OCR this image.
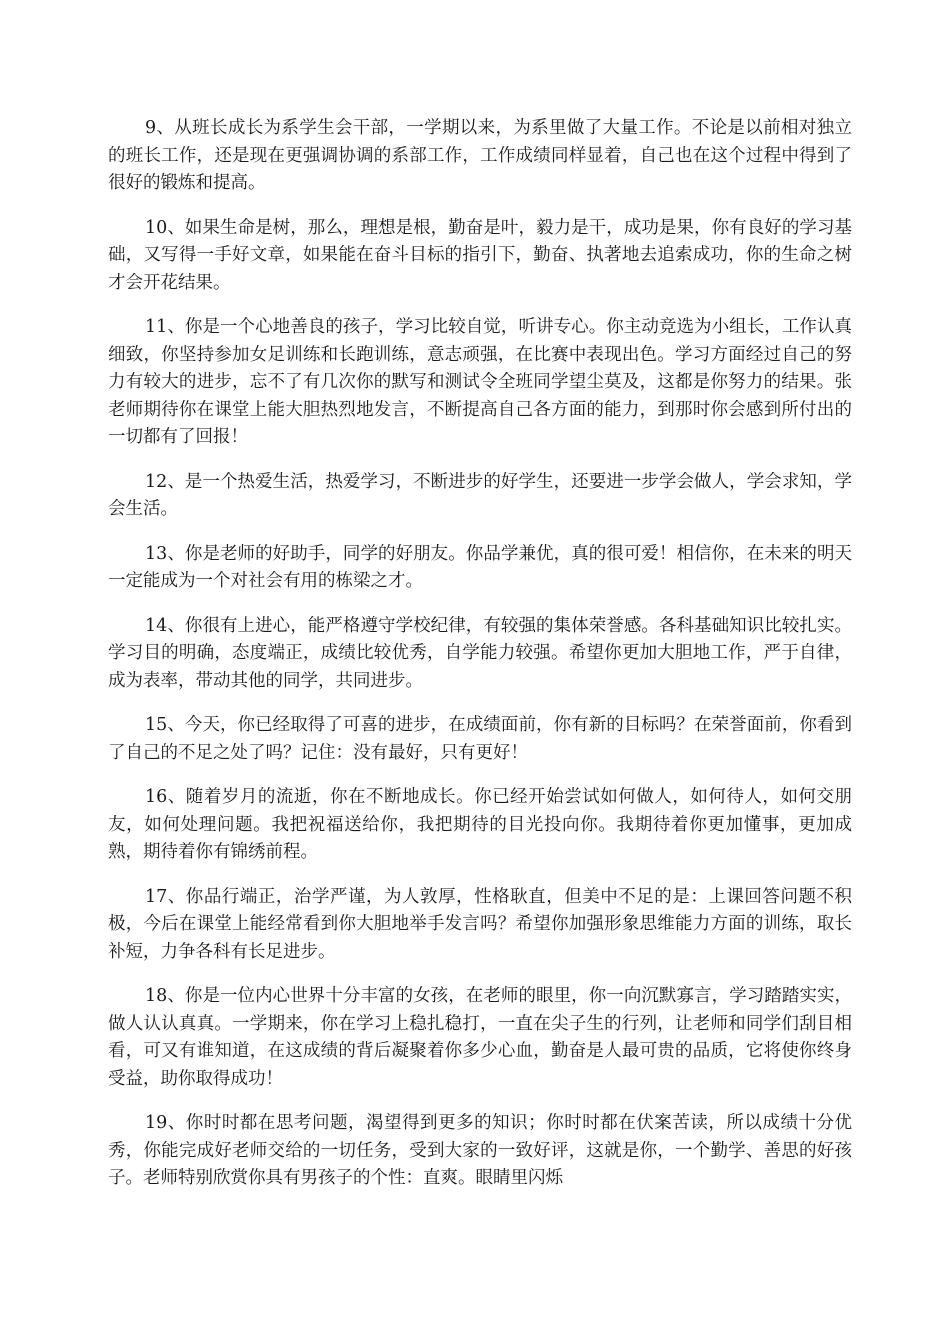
9、从班长成长为系学生会干部，一学期以来，为系里做了大量工作。不论是以前相对独立的班长工作，还是现在更强调协调的系部工作，工作成绩同样显着，自己也在这个过程中得到了很好的锻炼和提高。

10、如果生命是树，那么，理想是根，勤奋是叶，毅力是干，成功是果，你有良好的学习基础，又写得一手好文章，如果能在奋斗目标的指引下，勤奋、执著地去追索成功，你的生命之树才会开花结果。

11、你是一个心地善良的孩子，学习比较自觉，听讲专心。你主动竞选为小组长，工作认真细致，你坚持参加女足训练和长跑训练，意志顽强，在比赛中表现出色。学习方面经过自己的努力有较大的进步，忘不了有几次你的默写和测试令全班同学望尘莫及，这都是你努力的结果。张老师期待你在课堂上能大胆热烈地发言，不断提高自己各方面的能力，到那时你会感到所付出的一切都有了回报！

12、是一个热爱生活，热爱学习，不断进步的好学生，还要进一步学会做人，学会求知，学会生活。

13、你是老师的好助手，同学的好朋友。你品学兼优，真的很可爱！相信你，在未来的明天一定能成为一个对社会有用的栋梁之才。

14、你很有上进心，能严格遵守学校纪律，有较强的集体荣誉感。各科基础知识比较扎实。学习目的明确，态度端正，成绩比较优秀，自学能力较强。希望你更加大胆地工作，严于自律，成为表率，带动其他的同学，共同进步。

15、今天，你已经取得了可喜的进步，在成绩面前，你有新的目标吗？在荣誉面前，你看到了自己的不足之处了吗？记住：没有最好，只有更好！

16、随着岁月的流逝，你在不断地成长。你已经开始尝试如何做人，如何待人，如何交朋友，如何处理问题。我把祝福送给你，我把期待的目光投向你。我期待着你更加懂事，更加成熟，期待着你有锦绣前程。

17、你品行端正，治学严谨，为人敦厚，性格耿直，但美中不足的是：上课回答问题不积极，今后在课堂上能经常看到你大胆地举手发言吗？希望你加强形象思维能力方面的训练，取长补短，力争各科有长足进步。

18、你是一位内心世界十分丰富的女孩，在老师的眼里，你一向沉默寡言，学习踏踏实实，做人认认真真。一学期来，你在学习上稳扎稳打，一直在尖子生的行列，让老师和同学们刮目相看，可又有谁知道，在这成绩的背后凝聚着你多少心血，勤奋是人最可贵的品质，它将使你终身受益，助你取得成功！

19、你时时都在思考问题，渴望得到更多的知识；你时时都在伏案苦读，所以成绩十分优秀，你能完成好老师交给的一切任务，受到大家的一致好评，这就是你，一个勤学、善思的好孩子。老师特别欣赏你具有男孩子的个性：直爽。眼睛里闪烁
